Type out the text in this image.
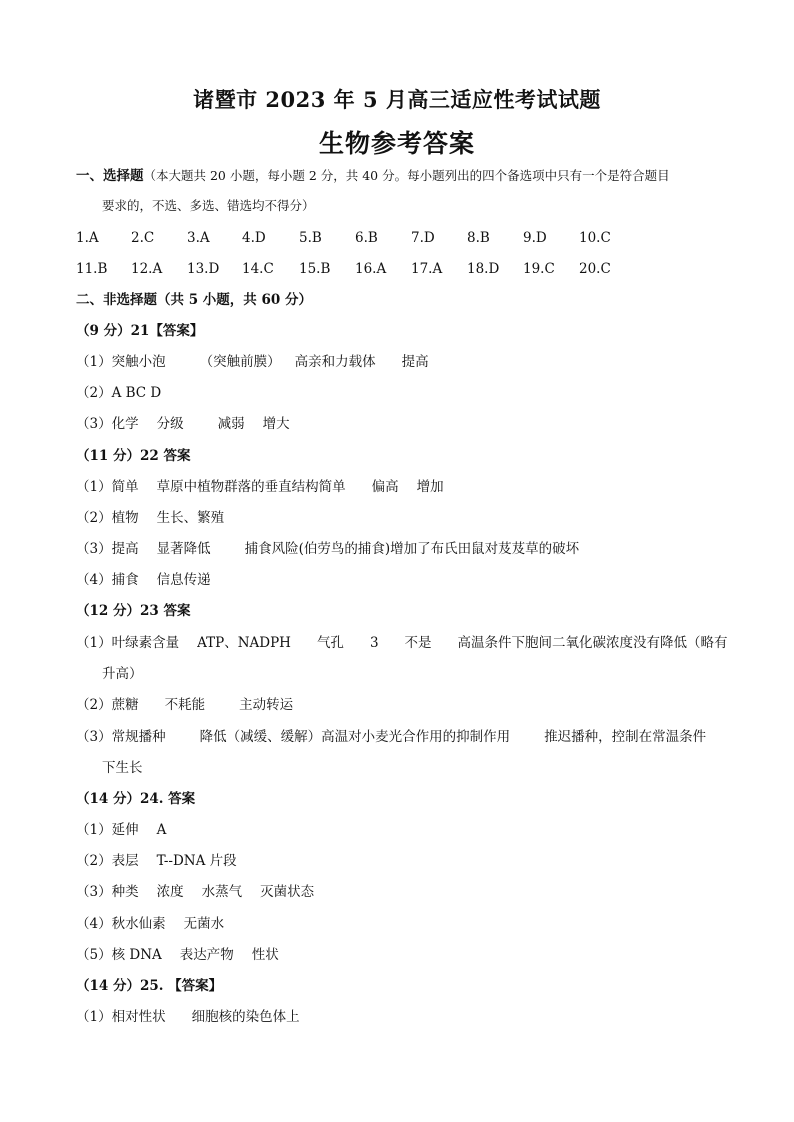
诸暨市 2023 年 5 月高三适应性考试试题
生物参考答案
一、选择题（本大题共 20 小题，每小题 2 分，共 40 分。每小题列出的四个备选项中只有一个是符合题目
要求的，不选、多选、错选均不得分）
1.A 2.C 3.A 4.D 5.B 6.B 7.D 8.B 9.D 10.C
11.B 12.A 13.D 14.C 15.B 16.A 17.A 18.D 19.C 20.C
二、非选择题（共 5 小题，共 60 分）
（9 分）21【答案】
（1）突触小泡	（突触前膜） 高亲和力载体 提高
（2）A BC D
（3）化学 分级	减弱 增大
（11 分）22 答案
（1）简单 草原中植物群落的垂直结构简单 偏高 增加
（2）植物 生长、繁殖
（3）提高 显著降低	捕食风险(伯劳鸟的捕食)增加了布氏田鼠对芨芨草的破坏
（4）捕食 信息传递
（12 分）23 答案
（1）叶绿素含量 ATP、NADPH 气孔 3 不是 高温条件下胞间二氧化碳浓度没有降低（略有
升高）
（2）蔗糖 不耗能	主动转运
（3）常规播种	降低（减缓、缓解）高温对小麦光合作用的抑制作用	推迟播种，控制在常温条件
下生长
（14 分）24. 答案
（1）延伸 A
（2）表层 T--DNA 片段
（3）种类 浓度 水蒸气 灭菌状态
（4）秋水仙素 无菌水
（5）核 DNA 表达产物 性状
（14 分）25. 【答案】
（1）相对性状 细胞核的染色体上
